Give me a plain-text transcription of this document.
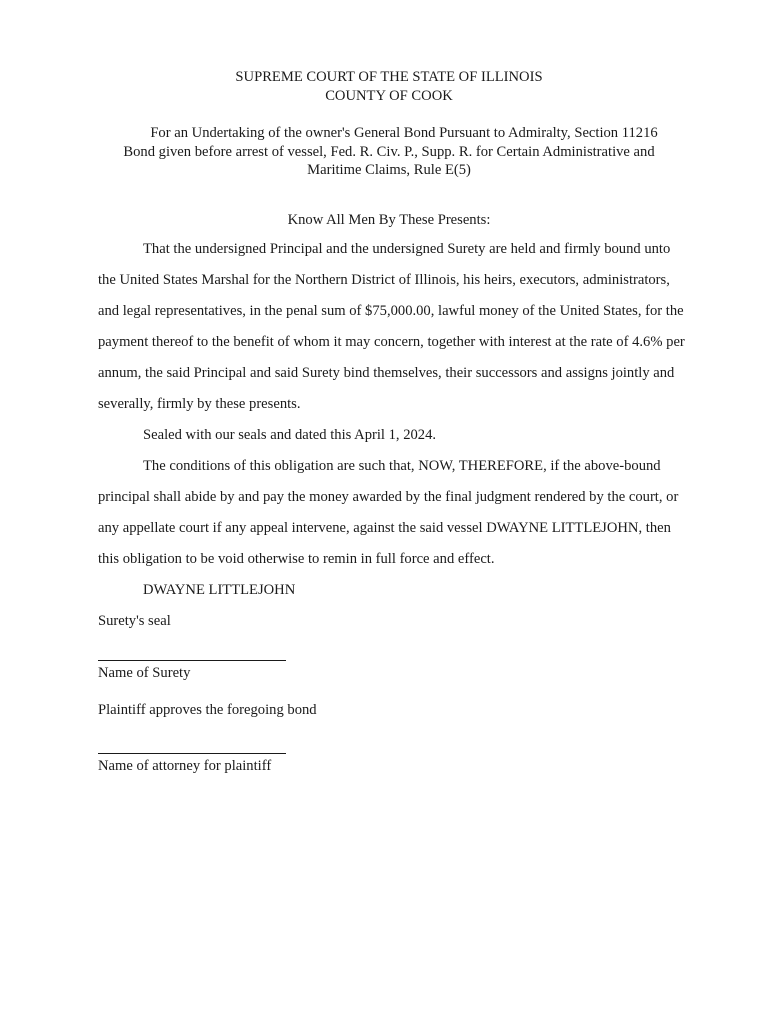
SUPREME COURT OF THE STATE OF ILLINOIS
COUNTY OF COOK
For an Undertaking of the owner's General Bond Pursuant to Admiralty, Section 11216
Bond given before arrest of vessel, Fed. R. Civ. P., Supp. R. for Certain Administrative and
Maritime Claims, Rule E(5)
Know All Men By These Presents:

That the undersigned Principal and the undersigned Surety are held and firmly bound unto the United States Marshal for the Northern District of Illinois, his heirs, executors, administrators, and legal representatives, in the penal sum of $75,000.00, lawful money of the United States, for the payment thereof to the benefit of whom it may concern, together with interest at the rate of 4.6% per annum, the said Principal and said Surety bind themselves, their successors and assigns jointly and severally, firmly by these presents.

Sealed with our seals and dated this April 1, 2024.

The conditions of this obligation are such that, NOW, THEREFORE, if the above-bound principal shall abide by and pay the money awarded by the final judgment rendered by the court, or any appellate court if any appeal intervene, against the said vessel DWAYNE LITTLEJOHN, then this obligation to be void otherwise to remin in full force and effect.

DWAYNE LITTLEJOHN

Surety's seal

Name of Surety
Plaintiff approves the foregoing bond
Name of attorney for plaintiff
